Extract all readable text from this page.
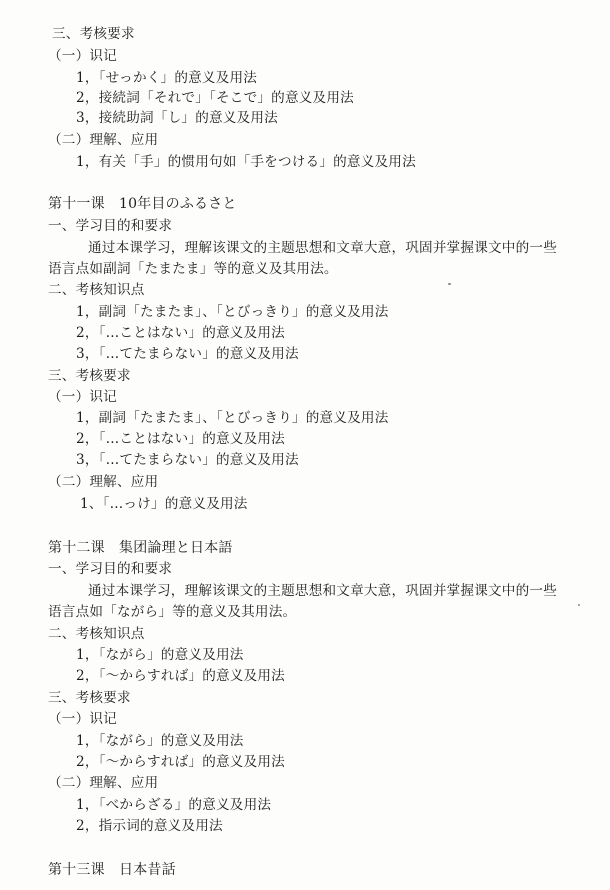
三、考核要求
（一）识记
1，「せっかく」的意义及用法
2，接続詞「それで」「そこで」的意义及用法
3，接続助詞「し」的意义及用法
（二）理解、应用
1，有关「手」的惯用句如「手をつける」的意义及用法
第十一课　10年目のふるさと
一、学习目的和要求
通过本课学习，理解该课文的主题思想和文章大意，巩固并掌握课文中的一些
语言点如副詞「たまたま」等的意义及其用法。
二、考核知识点
1，副詞「たまたま」、「とびっきり」的意义及用法
2，「…ことはない」的意义及用法
3，「…てたまらない」的意义及用法
三、考核要求
（一）识记
1，副詞「たまたま」、「とびっきり」的意义及用法
2，「…ことはない」的意义及用法
3，「…てたまらない」的意义及用法
（二）理解、应用
1、「…っけ」的意义及用法
第十二课　集团論理と日本語
一、学习目的和要求
通过本课学习，理解该课文的主题思想和文章大意，巩固并掌握课文中的一些
语言点如「ながら」等的意义及其用法。
二、考核知识点
1，「ながら」的意义及用法
2，「～からすれば」的意义及用法
三、考核要求
（一）识记
1，「ながら」的意义及用法
2，「～からすれば」的意义及用法
（二）理解、应用
1，「べからざる」的意义及用法
2，指示词的意义及用法
第十三课　日本昔話
